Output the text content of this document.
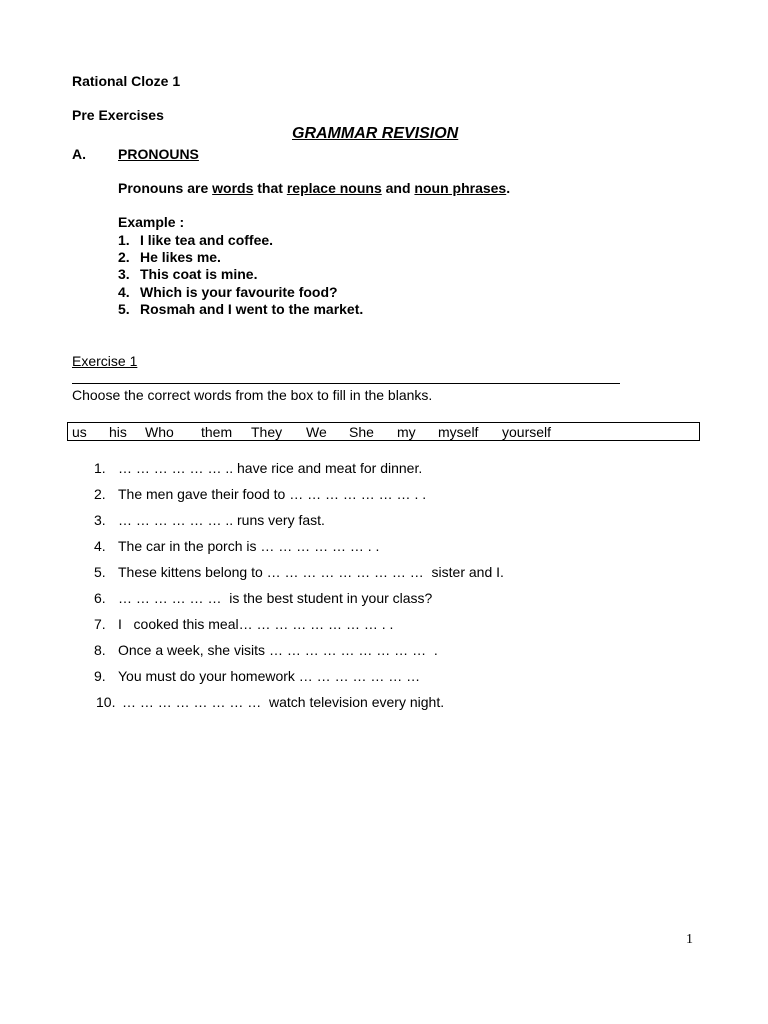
Rational Cloze 1
Pre Exercises
GRAMMAR REVISION
A. PRONOUNS
Pronouns are words that replace nouns and noun phrases.
Example :
1. I like tea and coffee.
2. He likes me.
3. This coat is mine.
4. Which is your favourite food?
5. Rosmah and I went to the market.
Exercise 1
Choose the correct words from the box to fill in the blanks.
us his Who them They We She my myself yourself
1. … … … … … … .. have rice and meat for dinner.
2. The men gave their food to … … … … … … … . .
3. … … … … … … .. runs very fast.
4. The car in the porch is … … … … … … . .
5. These kittens belong to … … … … … … … … …  sister and I.
6. … … … … … …  is the best student in your class?
7. I   cooked this meal… … … … … … … … . .
8. Once a week, she visits … … … … … … … … …  .
9. You must do your homework … … … … … … …
10. … … … … … … … …  watch television every night.
1
